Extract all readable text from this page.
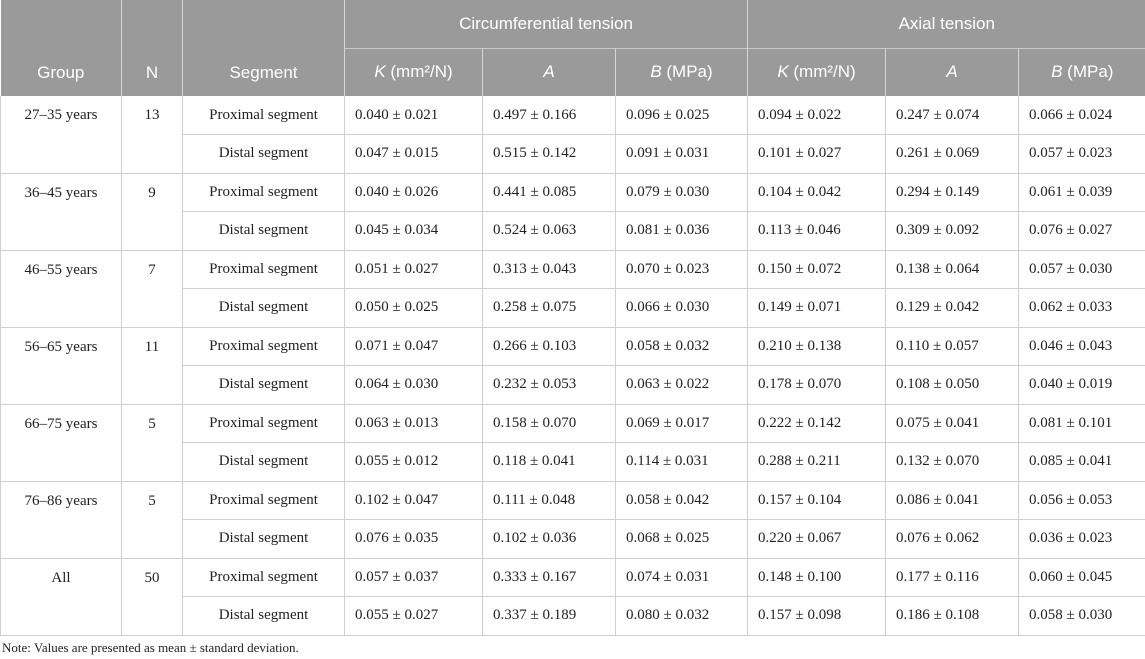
Group	N	Segment	Circumferential tension			Axial tension		
			K (mm²/N)	A	B (MPa)	K (mm²/N)	A	B (MPa)
27–35 years	13	Proximal segment	0.040 ± 0.021	0.497 ± 0.166	0.096 ± 0.025	0.094 ± 0.022	0.247 ± 0.074	0.066 ± 0.024
		Distal segment	0.047 ± 0.015	0.515 ± 0.142	0.091 ± 0.031	0.101 ± 0.027	0.261 ± 0.069	0.057 ± 0.023
36–45 years	9	Proximal segment	0.040 ± 0.026	0.441 ± 0.085	0.079 ± 0.030	0.104 ± 0.042	0.294 ± 0.149	0.061 ± 0.039
		Distal segment	0.045 ± 0.034	0.524 ± 0.063	0.081 ± 0.036	0.113 ± 0.046	0.309 ± 0.092	0.076 ± 0.027
46–55 years	7	Proximal segment	0.051 ± 0.027	0.313 ± 0.043	0.070 ± 0.023	0.150 ± 0.072	0.138 ± 0.064	0.057 ± 0.030
		Distal segment	0.050 ± 0.025	0.258 ± 0.075	0.066 ± 0.030	0.149 ± 0.071	0.129 ± 0.042	0.062 ± 0.033
56–65 years	11	Proximal segment	0.071 ± 0.047	0.266 ± 0.103	0.058 ± 0.032	0.210 ± 0.138	0.110 ± 0.057	0.046 ± 0.043
		Distal segment	0.064 ± 0.030	0.232 ± 0.053	0.063 ± 0.022	0.178 ± 0.070	0.108 ± 0.050	0.040 ± 0.019
66–75 years	5	Proximal segment	0.063 ± 0.013	0.158 ± 0.070	0.069 ± 0.017	0.222 ± 0.142	0.075 ± 0.041	0.081 ± 0.101
		Distal segment	0.055 ± 0.012	0.118 ± 0.041	0.114 ± 0.031	0.288 ± 0.211	0.132 ± 0.070	0.085 ± 0.041
76–86 years	5	Proximal segment	0.102 ± 0.047	0.111 ± 0.048	0.058 ± 0.042	0.157 ± 0.104	0.086 ± 0.041	0.056 ± 0.053
		Distal segment	0.076 ± 0.035	0.102 ± 0.036	0.068 ± 0.025	0.220 ± 0.067	0.076 ± 0.062	0.036 ± 0.023
All	50	Proximal segment	0.057 ± 0.037	0.333 ± 0.167	0.074 ± 0.031	0.148 ± 0.100	0.177 ± 0.116	0.060 ± 0.045
		Distal segment	0.055 ± 0.027	0.337 ± 0.189	0.080 ± 0.032	0.157 ± 0.098	0.186 ± 0.108	0.058 ± 0.030
Note: Values are presented as mean ± standard deviation.
